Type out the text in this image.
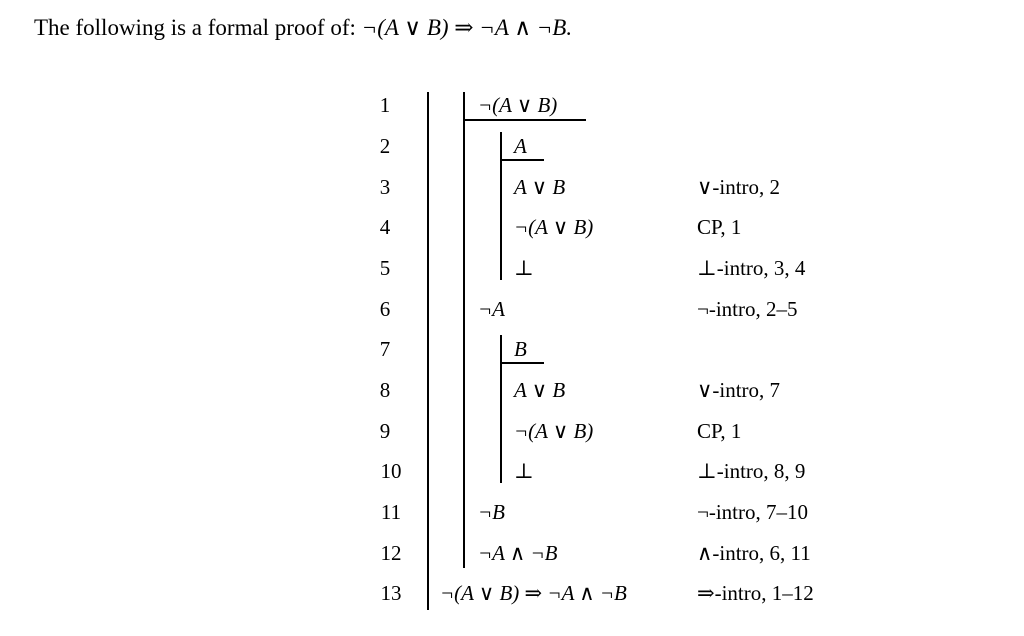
The following is a formal proof of: ¬(A ∨ B) ⇒ ¬A ∧ ¬B.
1
2
3
4
5
6
7
8
9
10
11
12
13
¬(A ∨ B)
A
A ∨ B
¬(A ∨ B)
⊥
¬A
B
A ∨ B
¬(A ∨ B)
⊥
¬B
¬A ∧ ¬B
¬(A ∨ B) ⇒ ¬A ∧ ¬B
∨-intro, 2
CP, 1
⊥-intro, 3, 4
¬-intro, 2–5
∨-intro, 7
CP, 1
⊥-intro, 8, 9
¬-intro, 7–10
∧-intro, 6, 11
⇒-intro, 1–12
